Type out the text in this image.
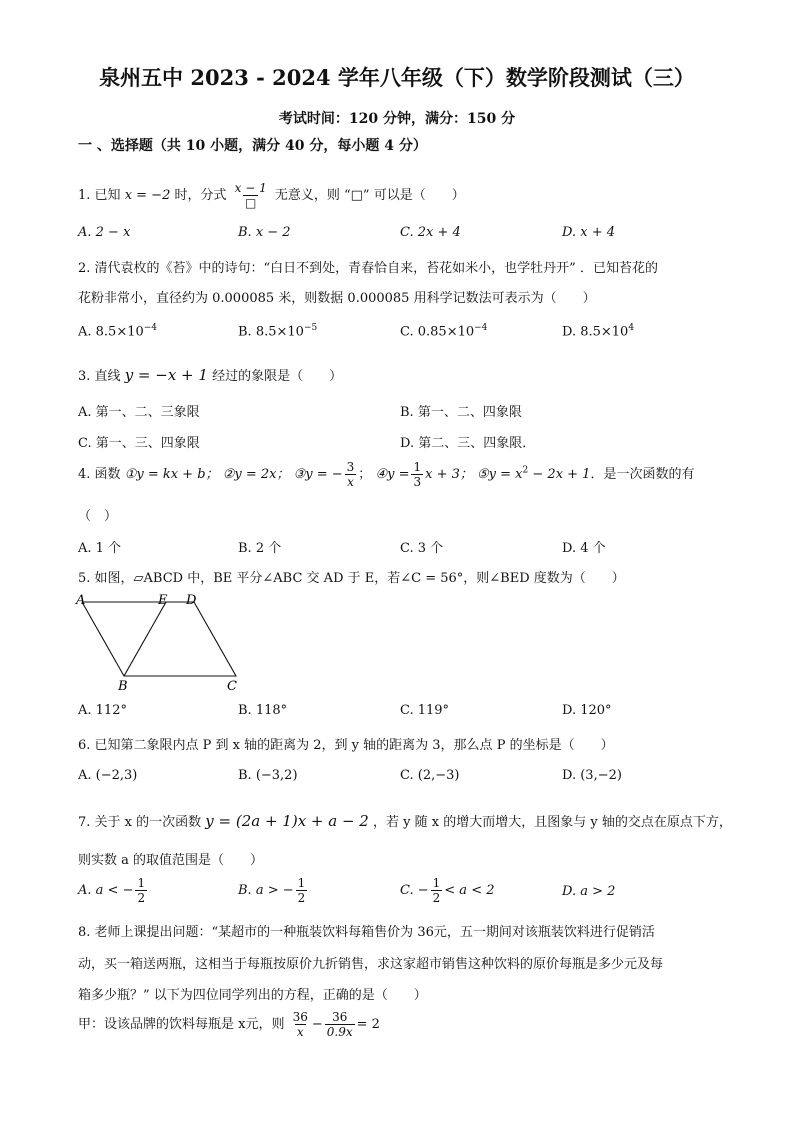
泉州五中 2023 - 2024 学年八年级（下）数学阶段测试（三）
考试时间：120 分钟，满分：150 分
一 、选择题（共 10 小题，满分 40 分，每小题 4 分）
1. 已知 x = −2 时，分式 $\frac{x - 1}{□}$ 无意义，则 “□” 可以是（　　）
A. 2 − x	B. x − 2	C. 2x + 4	D. x + 4
2. 清代袁枚的《苔》中的诗句：“白日不到处，青春恰自来，苔花如米小，也学牡丹开” ．已知苔花的
花粉非常小，直径约为 0.000085 米，则数据 0.000085 用科学记数法可表示为（　　）
A. $8.5\times 10^{-4}$	B. $8.5\times 10^{-5}$	C. $0.85\times 10^{-4}$	D. $8.5\times 10^4$
3. 直线 y = −x + 1 经过的象限是（　　）
A. 第一、二、三象限	B. 第一、二、四象限
C. 第一、三、四象限	D. 第二、三、四象限．
4. 函数 ①y = kx + b； ②y = 2x； ③y = − $\frac{3}{x}$ ； ④y = $\frac{1}{3}$ x + 3； ⑤y = $x^2 - 2x + 1$．是一次函数的有
（　）
A. 1 个	B. 2 个	C. 3 个	D. 4 个
5. 如图，▱ABCD 中，BE 平分∠ABC 交 AD 于 E，若∠C = 56°，则∠BED 度数为（　　）
A	E D
B	C
A. 112°	B. 118°	C. 119°	D. 120°
6. 已知第二象限内点 P 到 x 轴的距离为 2，到 y 轴的距离为 3，那么点 P 的坐标是（　　）
A. (−2,3)	B. (−3,2)	C. (2,−3)	D. (3,−2)
7. 关于 x 的一次函数 y = (2a + 1)x + a − 2 ，若 y 随 x 的增大而增大，且图象与 y 轴的交点在原点下方，
则实数 a 的取值范围是（　　）
A. a < − $\frac{1}{2}$	B. a > − $\frac{1}{2}$	C. − $\frac{1}{2} < a < 2$	D. a > 2
8. 老师上课提出问题：“某超市的一种瓶装饮料每箱售价为 36元，五一期间对该瓶装饮料进行促销活
动，买一箱送两瓶，这相当于每瓶按原价九折销售，求这家超市销售这种饮料的原价每瓶是多少元及每
箱多少瓶？” 以下为四位同学列出的方程，正确的是（　　）
甲：设该品牌的饮料每瓶是 x元，则 $\frac{36}{x} - \frac{36}{0.9x} = 2$
